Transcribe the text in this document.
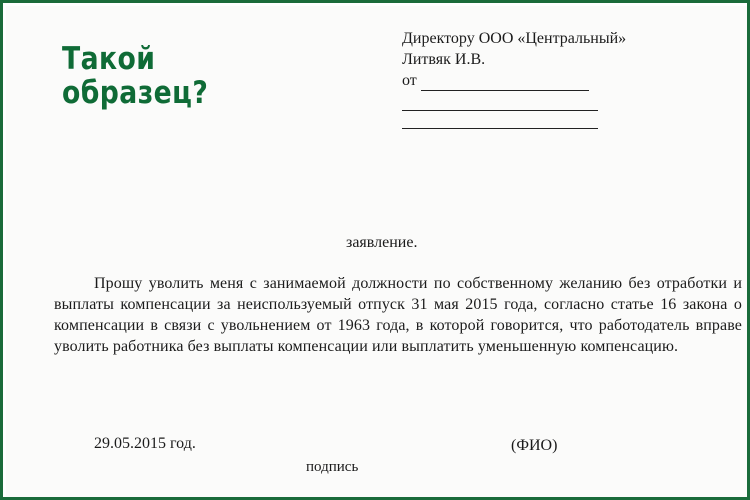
Такой
образец?
Директору ООО «Центральный»
Литвяк И.В.
от
заявление.
Прошу уволить меня с занимаемой должности по собственному желанию без отработки и выплаты компенсации за неиспользуемый отпуск 31 мая 2015 года, согласно статье 16 закона о компенсации в связи с увольнением от 1963 года, в которой говорится, что работодатель вправе уволить работника без выплаты компенсации или выплатить уменьшенную компенсацию.
29.05.2015 год.	(ФИО)
подпись
